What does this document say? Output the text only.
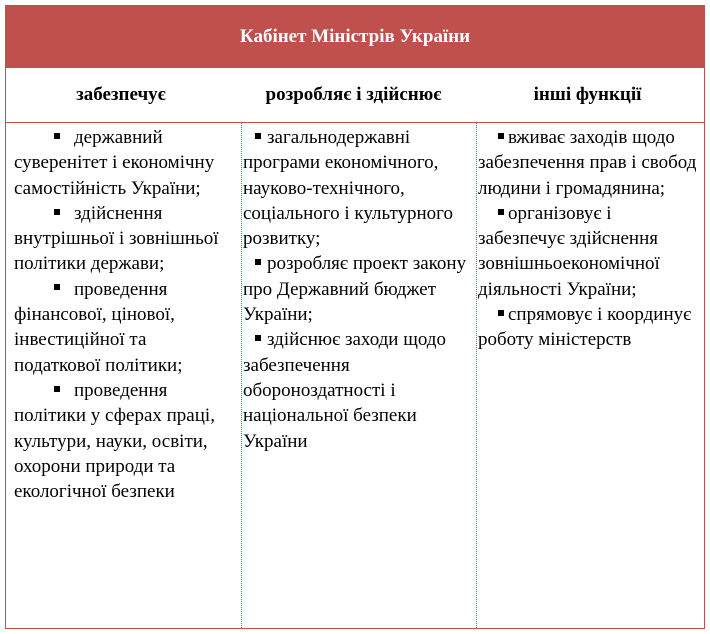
Кабінет Міністрів України
забезпечує	розробляє і здійснює	інші функції

державний суверенітет і економічну самостійність України;

здійснення внутрішньої і зовнішньої політики держави;

проведення фінансової, цінової, інвестиційної та податкової політики;

проведення політики у сферах праці, культури, науки, освіти, охорони природи та екологічної безпеки

загальнодержавні програми економічного, науково-технічного, соціального і культурного розвитку;

розробляє проект закону про Державний бюджет України;

здійснює заходи щодо забезпечення обороноздатності і національної безпеки України

вживає заходів щодо забезпечення прав і свобод людини і громадянина;

організовує і забезпечує здійснення зовнішньоекономічної діяльності України;

спрямовує і координує роботу міністерств
